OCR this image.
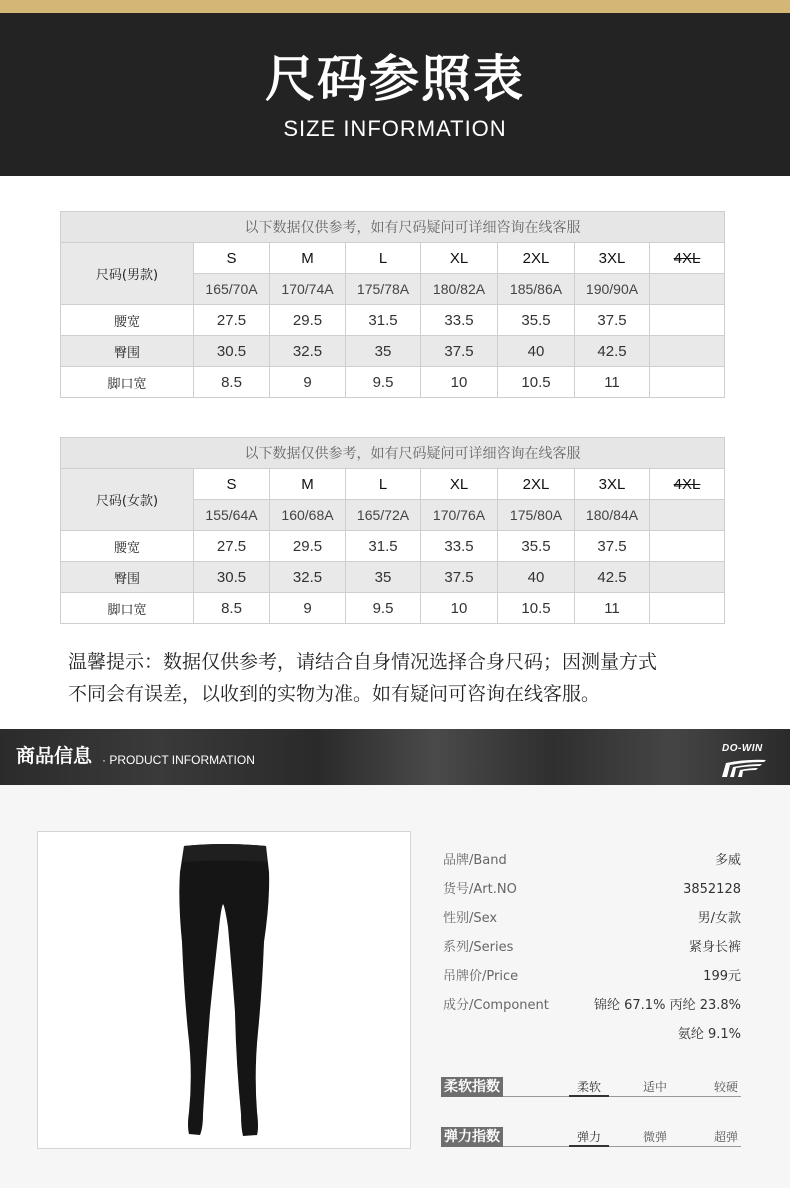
尺码参照表
SIZE INFORMATION
以下数据仅供参考，如有尺码疑问可详细咨询在线客服							
尺码(男款)	S	M	L	XL	2XL	3XL	4XL
	165/70A	170/74A	175/78A	180/82A	185/86A	190/90A	
腰宽	27.5	29.5	31.5	33.5	35.5	37.5	
臀围	30.5	32.5	35	37.5	40	42.5	
脚口宽	8.5	9	9.5	10	10.5	11	
以下数据仅供参考，如有尺码疑问可详细咨询在线客服							
尺码(女款)	S	M	L	XL	2XL	3XL	4XL
	155/64A	160/68A	165/72A	170/76A	175/80A	180/84A	
腰宽	27.5	29.5	31.5	33.5	35.5	37.5	
臀围	30.5	32.5	35	37.5	40	42.5	
脚口宽	8.5	9	9.5	10	10.5	11	
温馨提示：数据仅供参考，请结合自身情况选择合身尺码；因测量方式
不同会有误差，以收到的实物为准。如有疑问可咨询在线客服。
商品信息 · PRODUCT INFORMATION
DO-WIN
品牌/Band	多威
货号/Art.NO	3852128
性别/Sex	男/女款
系列/Series	紧身长裤
吊牌价/Price	199元
成分/Component	锦纶 67.1% 丙纶 23.8%
氨纶 9.1%
柔软指数	柔软	适中	较硬
弹力指数	弹力	微弹	超弹
